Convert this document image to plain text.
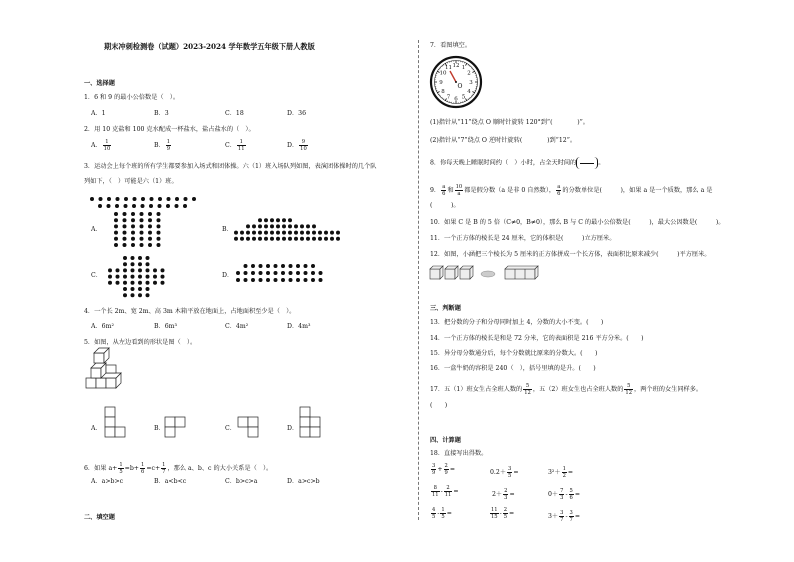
期末冲刺检测卷（试题）2023-2024 学年数学五年级下册人教版
一、选择题
1．6 和 9 的最小公倍数是（　）。
A．1	B．3	C．18	D．36
2．用 10 克盐和 100 克水配成一杯盐水，盐占盐水的（　）。
A． $\frac{1}{10}$	B． $\frac{1}{9}$	C． $\frac{1}{11}$	D． $\frac{9}{10}$
3．运动会上每个班的所有学生都要参加入场式和团体操。六（1）班入场队列如图，表演团体操时的几个队
列如下，（　）可能是六（1）班。
A．	B．
C．	D．
4．一个长 2m、宽 2m、高 3m 木箱平放在地面上，占地面积至少是（　）。
A．6m²	B．6m³	C．4m²	D．4m³
5．如图，从左边看到的形状是图（　）。
A．	B．	C．	D．
6．如果 $a+ \frac{1}{5} =b+ \frac{1}{6} =c+ \frac{1}{7}$ ，那么 a、b、c 的大小关系是（　）。
A．a>b>c	B．a<b<c	C．b>c>a	D．a>c>b
二、填空题
7．看图填空。
12 1
2
3
4
5
6
7
8
9
10
11
O
(1)指针从“11”绕点 O 顺时针旋转 120°到“(　　　　)”。
(2)指针从“7”绕点 O 逆时针旋转(　　　　)到“12”。
8．你每天晚上睡眠时间约（　）小时，占全天时间的	。
9． $\frac{a}{6}$ 和 $\frac{10}{a}$ 都是假分数（a 是非 0 自然数）， $\frac{a}{6}$ 的分数单位是(　　　)，如果 a 是一个质数，那么 a 是
(　　　)。
10．如果 C 是 B 的 5 倍（C≠0，B≠0），那么 B 与 C 的最小公倍数是(　　　)，最大公因数是(　　　)。
11．一个正方体的棱长是 24 厘米，它的体积是(　　　)立方厘米。
12．如图，小涵把三个棱长为 5 厘米的正方体拼成一个长方体，表面积比原来减少(　　　)平方厘米。
三、判断题
13．把分数的分子和分母同时加上 4，分数的大小不变。(　　)
14．一个正方体的棱长是和是 72 分米，它的表面积是 216 平方分米。(　　)
15．异分母分数通分后，每个分数就比原来的分数大。(　　)
16．一盒牛奶的容积是 240（　），括号里填的是升。(　　)
17．五（1）班女生占全班人数的 $\frac{5}{12}$ ，五（2）班女生也占全班人数的 $\frac{5}{12}$ ，两个班的女生同样多。
(　　)
四、计算题
18．直接写出得数。
$\frac{3}{9} + \frac{2}{9}$ =	$0.2+ \frac{3}{5}$ =	$3^2+ \frac{1}{2}$ =
$\frac{8}{11} - \frac{2}{11}$ =	$2+ \frac{2}{3}$ =	$0+ \frac{7}{3} - \frac{5}{6}$ =
$\frac{4}{5} - \frac{1}{5}$ =	$\frac{11}{15} - \frac{2}{5}$ =	$3+ \frac{3}{7} - \frac{3}{7}$ =
